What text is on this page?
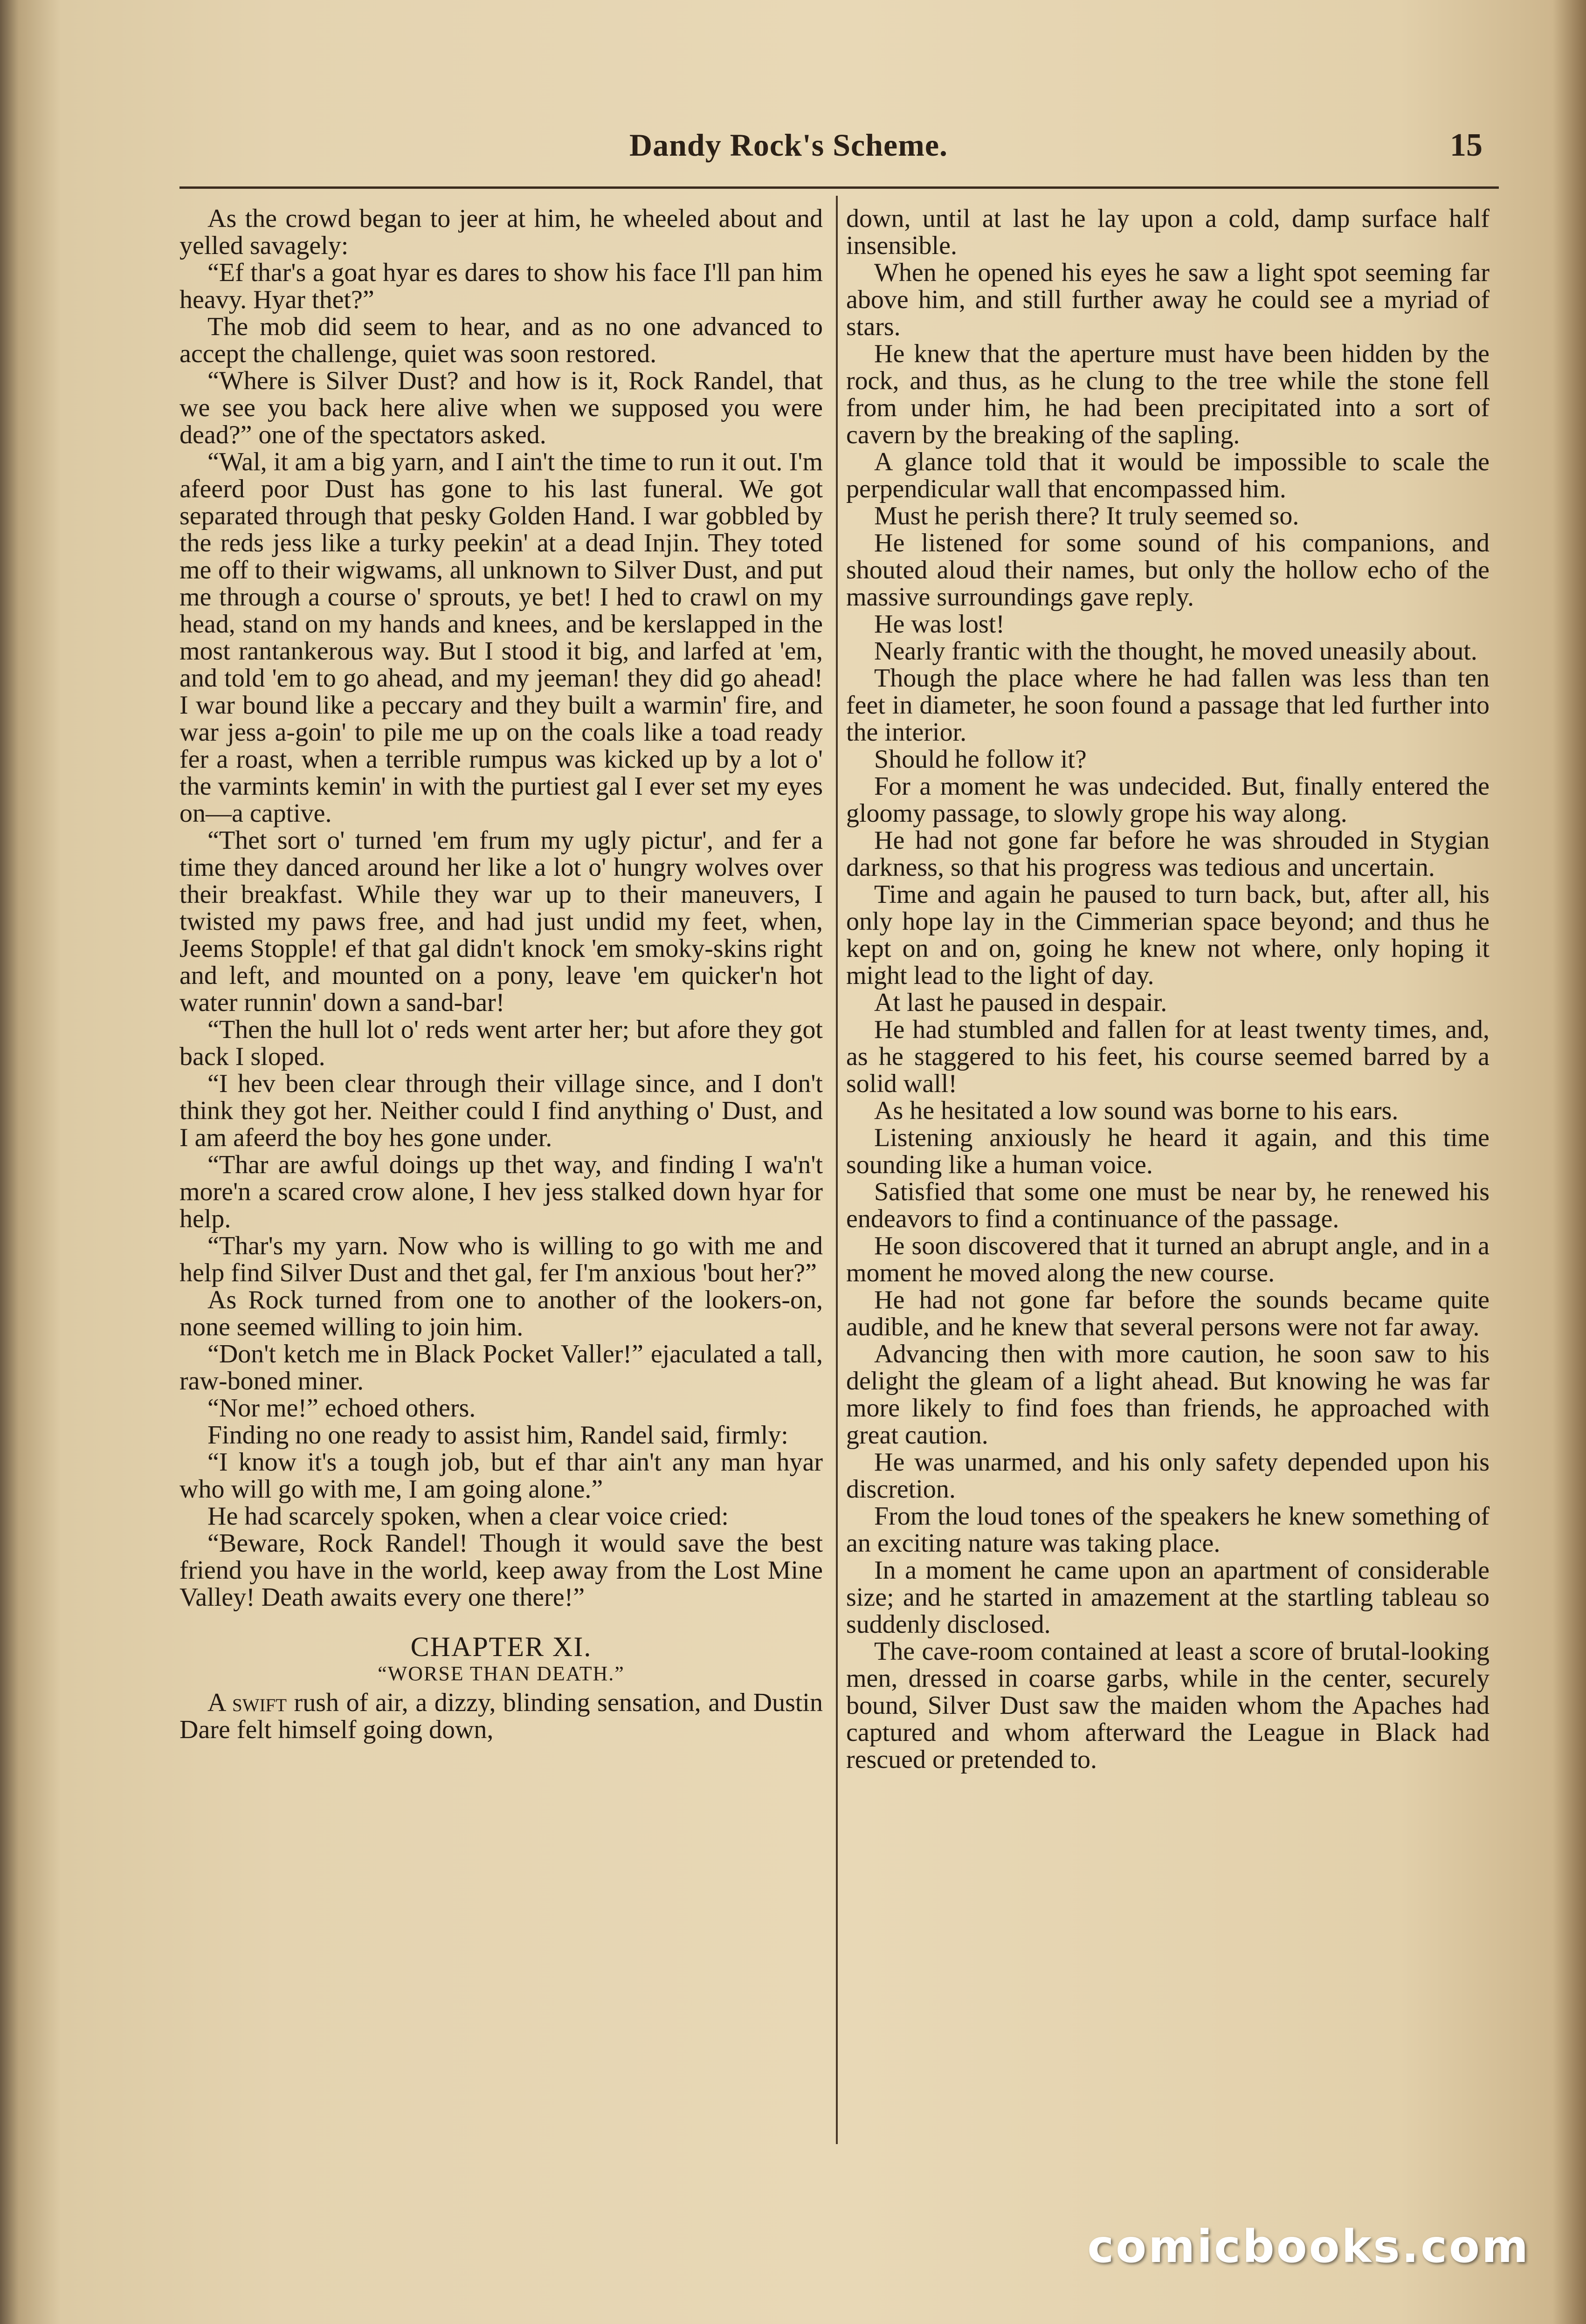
Dandy Rock's Scheme.	15

As the crowd began to jeer at him, he wheeled about and yelled savagely:

“Ef thar's a goat hyar es dares to show his face I'll pan him heavy. Hyar thet?”

The mob did seem to hear, and as no one advanced to accept the challenge, quiet was soon restored.

“Where is Silver Dust? and how is it, Rock Randel, that we see you back here alive when we supposed you were dead?” one of the spectators asked.

“Wal, it am a big yarn, and I ain't the time to run it out. I'm afeerd poor Dust has gone to his last funeral. We got separated through that pesky Golden Hand. I war gobbled by the reds jess like a turky peekin' at a dead Injin. They toted me off to their wigwams, all unknown to Silver Dust, and put me through a course o' sprouts, ye bet! I hed to crawl on my head, stand on my hands and knees, and be kerslapped in the most rantankerous way. But I stood it big, and larfed at 'em, and told 'em to go ahead, and my jeeman! they did go ahead! I war bound like a peccary and they built a warmin' fire, and war jess a-goin' to pile me up on the coals like a toad ready fer a roast, when a terrible rumpus was kicked up by a lot o' the varmints kemin' in with the purtiest gal I ever set my eyes on—a captive.

“Thet sort o' turned 'em frum my ugly pictur', and fer a time they danced around her like a lot o' hungry wolves over their breakfast. While they war up to their maneuvers, I twisted my paws free, and had just undid my feet, when, Jeems Stopple! ef that gal didn't knock 'em smoky-skins right and left, and mounted on a pony, leave 'em quicker'n hot water runnin' down a sand-bar!

“Then the hull lot o' reds went arter her; but afore they got back I sloped.

“I hev been clear through their village since, and I don't think they got her. Neither could I find anything o' Dust, and I am afeerd the boy hes gone under.

“Thar are awful doings up thet way, and finding I wa'n't more'n a scared crow alone, I hev jess stalked down hyar for help.

“Thar's my yarn. Now who is willing to go with me and help find Silver Dust and thet gal, fer I'm anxious 'bout her?”

As Rock turned from one to another of the lookers-on, none seemed willing to join him.

“Don't ketch me in Black Pocket Valler!” ejaculated a tall, raw-boned miner.

“Nor me!” echoed others.

Finding no one ready to assist him, Randel said, firmly:

“I know it's a tough job, but ef thar ain't any man hyar who will go with me, I am going alone.”

He had scarcely spoken, when a clear voice cried:

“Beware, Rock Randel! Though it would save the best friend you have in the world, keep away from the Lost Mine Valley! Death awaits every one there!”

CHAPTER XI.
“WORSE THAN DEATH.”

A swift rush of air, a dizzy, blinding sensation, and Dustin Dare felt himself going down,

down, until at last he lay upon a cold, damp surface half insensible.

When he opened his eyes he saw a light spot seeming far above him, and still further away he could see a myriad of stars.

He knew that the aperture must have been hidden by the rock, and thus, as he clung to the tree while the stone fell from under him, he had been precipitated into a sort of cavern by the breaking of the sapling.

A glance told that it would be impossible to scale the perpendicular wall that encompassed him.

Must he perish there? It truly seemed so.

He listened for some sound of his companions, and shouted aloud their names, but only the hollow echo of the massive surroundings gave reply.

He was lost!

Nearly frantic with the thought, he moved uneasily about.

Though the place where he had fallen was less than ten feet in diameter, he soon found a passage that led further into the interior.

Should he follow it?

For a moment he was undecided. But, finally entered the gloomy passage, to slowly grope his way along.

He had not gone far before he was shrouded in Stygian darkness, so that his progress was tedious and uncertain.

Time and again he paused to turn back, but, after all, his only hope lay in the Cimmerian space beyond; and thus he kept on and on, going he knew not where, only hoping it might lead to the light of day.

At last he paused in despair.

He had stumbled and fallen for at least twenty times, and, as he staggered to his feet, his course seemed barred by a solid wall!

As he hesitated a low sound was borne to his ears.

Listening anxiously he heard it again, and this time sounding like a human voice.

Satisfied that some one must be near by, he renewed his endeavors to find a continuance of the passage.

He soon discovered that it turned an abrupt angle, and in a moment he moved along the new course.

He had not gone far before the sounds became quite audible, and he knew that several persons were not far away.

Advancing then with more caution, he soon saw to his delight the gleam of a light ahead. But knowing he was far more likely to find foes than friends, he approached with great caution.

He was unarmed, and his only safety depended upon his discretion.

From the loud tones of the speakers he knew something of an exciting nature was taking place.

In a moment he came upon an apartment of considerable size; and he started in amazement at the startling tableau so suddenly disclosed.

The cave-room contained at least a score of brutal-looking men, dressed in coarse garbs, while in the center, securely bound, Silver Dust saw the maiden whom the Apaches had captured and whom afterward the League in Black had rescued or pretended to.

comicbooks.com
